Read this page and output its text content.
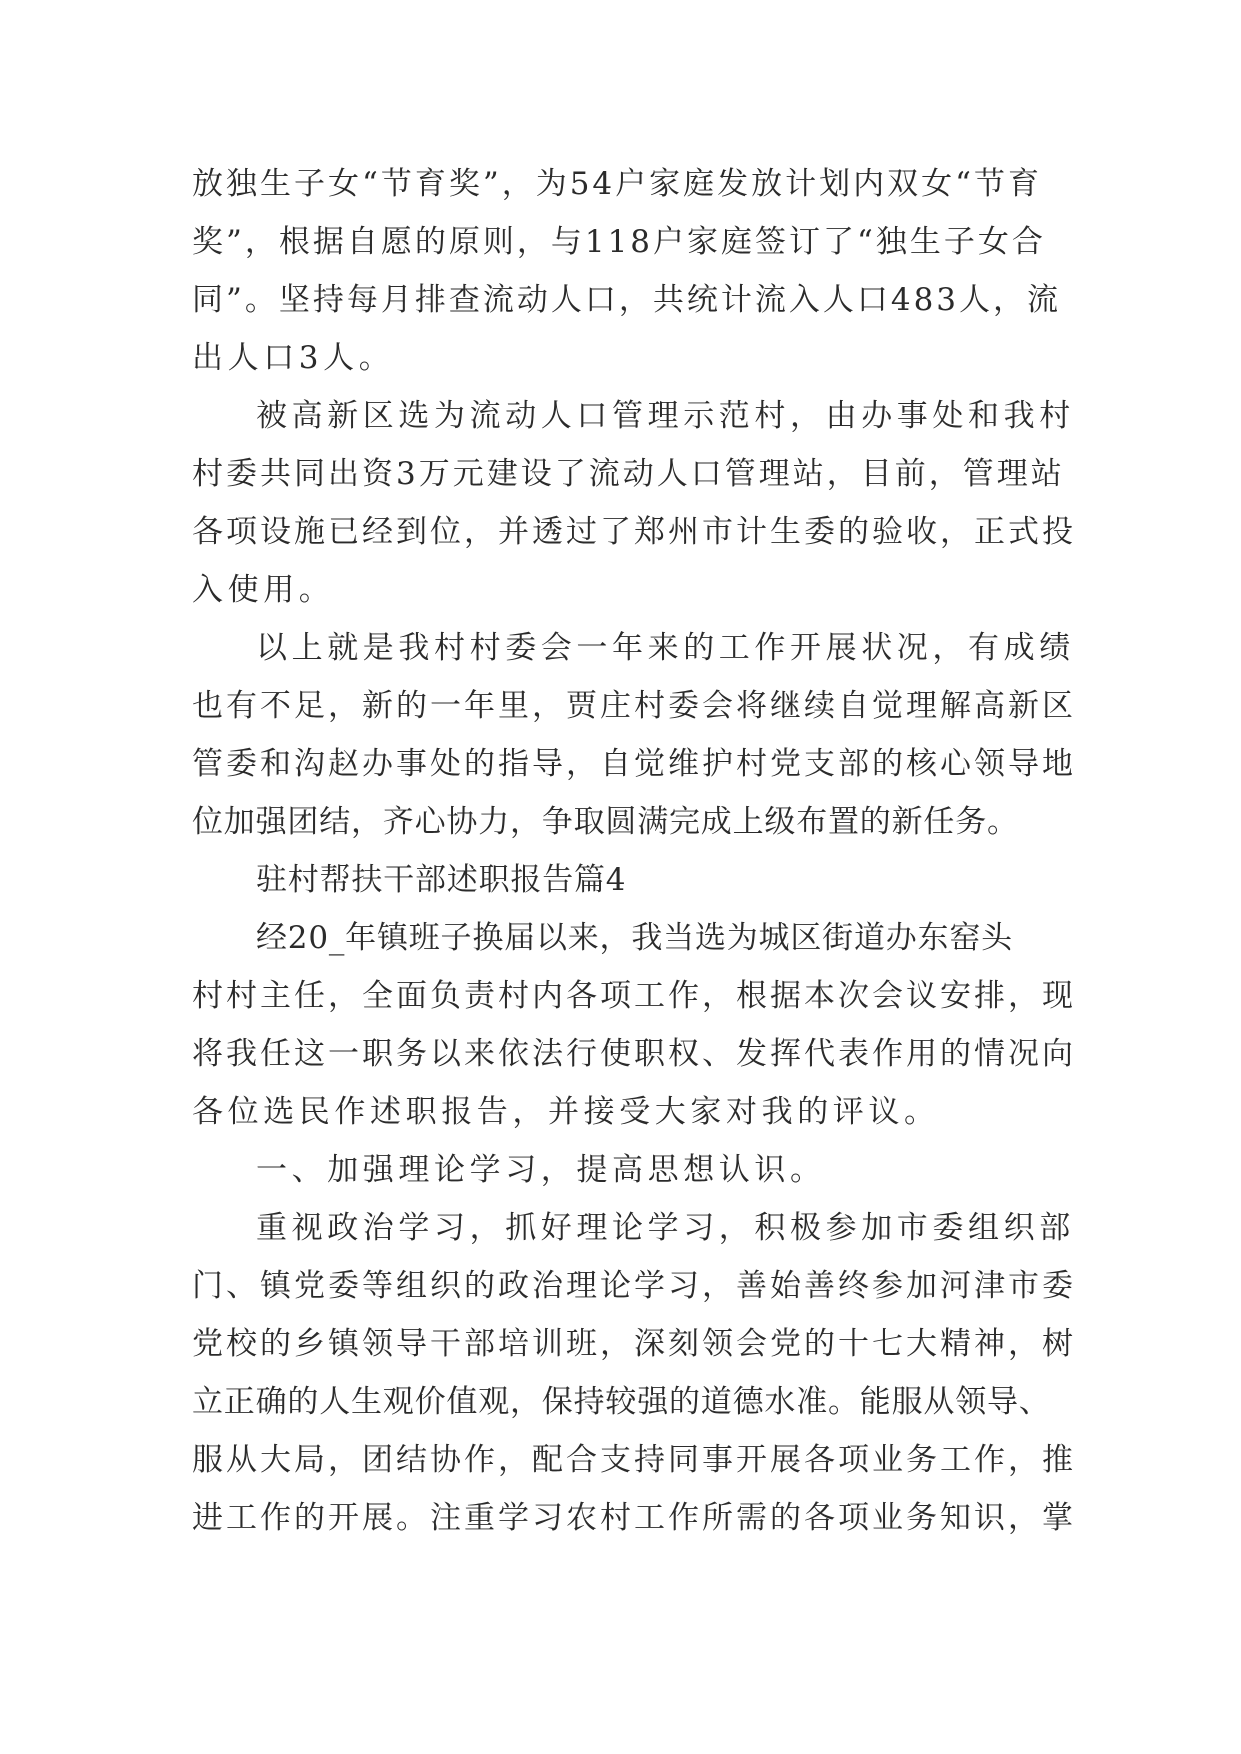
放独生子女“节育奖”，为54户家庭发放计划内双女“节育
奖”，根据自愿的原则，与118户家庭签订了“独生子女合
同”。坚持每月排查流动人口，共统计流入人口483人，流
出人口3人。
被高新区选为流动人口管理示范村，由办事处和我村
村委共同出资3万元建设了流动人口管理站，目前，管理站
各项设施已经到位，并透过了郑州市计生委的验收，正式投
入使用。
以上就是我村村委会一年来的工作开展状况，有成绩
也有不足，新的一年里，贾庄村委会将继续自觉理解高新区
管委和沟赵办事处的指导，自觉维护村党支部的核心领导地
位加强团结，齐心协力，争取圆满完成上级布置的新任务。
驻村帮扶干部述职报告篇4
经20_年镇班子换届以来，我当选为城区街道办东窑头
村村主任，全面负责村内各项工作，根据本次会议安排，现
将我任这一职务以来依法行使职权、发挥代表作用的情况向
各位选民作述职报告，并接受大家对我的评议。
一、加强理论学习，提高思想认识。
重视政治学习，抓好理论学习，积极参加市委组织部
门、镇党委等组织的政治理论学习，善始善终参加河津市委
党校的乡镇领导干部培训班，深刻领会党的十七大精神，树
立正确的人生观价值观，保持较强的道德水准。能服从领导、
服从大局，团结协作，配合支持同事开展各项业务工作，推
进工作的开展。注重学习农村工作所需的各项业务知识，掌
